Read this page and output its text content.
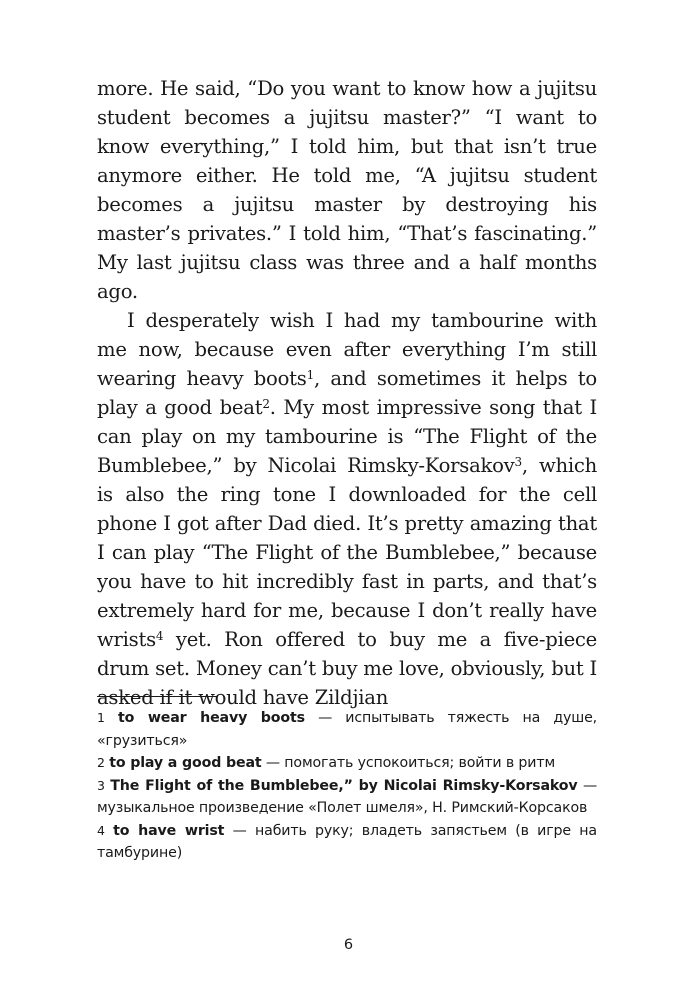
more. He said, “Do you want to know how a jujitsu student becomes a jujitsu master?” “I want to know everything,” I told him, but that isn’t true anymore either. He told me, “A jujitsu student becomes a jujitsu master by destroying his master’s privates.” I told him, “That’s fascinating.” My last jujitsu class was three and a half months ago.

I desperately wish I had my tambourine with me now, because even after everything I’m still wearing heavy boots$^1$, and sometimes it helps to play a good beat$^2$. My most impressive song that I can play on my tambourine is “The Flight of the Bumblebee,” by Nicolai Rimsky-Korsakov$^3$, which is also the ring tone I downloaded for the cell phone I got after Dad died. It’s pretty amazing that I can play “The Flight of the Bumblebee,” because you have to hit incredibly fast in parts, and that’s extremely hard for me, because I don’t really have wrists$^4$ yet. Ron offered to buy me a five-piece drum set. Money can’t buy me love, obviously, but I asked if it would have Zildjian

1 to wear heavy boots — испытывать тяжесть на душе, «грузиться»

2 to play a good beat — помогать успокоиться; войти в ритм

3 The Flight of the Bumblebee,” by Nicolai Rimsky-Korsakov — музыкальное произведение «Полет шмеля», Н. Римский-Корсаков

4 to have wrist — набить руку; владеть запястьем (в игре на тамбурине)

6
